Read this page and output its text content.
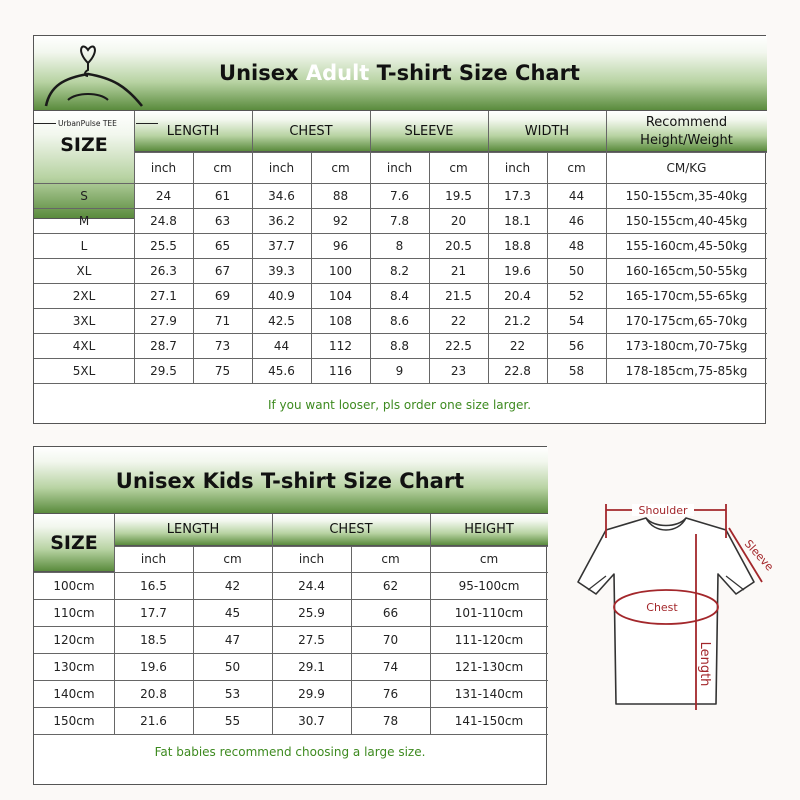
UrbanPulse TEE
Unisex Adult T-shirt Size Chart
SIZE
LENGTH	CHEST	SLEEVE	WIDTH
Recommend Height/Weight
inch	cm	inch	cm	inch	cm	inch	cm	CM/KG
S	24	61	34.6	88	7.6	19.5	17.3	44	150-155cm,35-40kg
M	24.8	63	36.2	92	7.8	20	18.1	46	150-155cm,40-45kg
L	25.5	65	37.7	96	8	20.5	18.8	48	155-160cm,45-50kg
XL	26.3	67	39.3	100	8.2	21	19.6	50	160-165cm,50-55kg
2XL	27.1	69	40.9	104	8.4	21.5	20.4	52	165-170cm,55-65kg
3XL	27.9	71	42.5	108	8.6	22	21.2	54	170-175cm,65-70kg
4XL	28.7	73	44	112	8.8	22.5	22	56	173-180cm,70-75kg
5XL	29.5	75	45.6	116	9	23	22.8	58	178-185cm,75-85kg
If you want looser, pls order one size larger.
Unisex Kids T-shirt Size Chart
SIZE
LENGTH	CHEST	HEIGHT
inch	cm	inch	cm	cm
100cm	16.5	42	24.4	62	95-100cm
110cm	17.7	45	25.9	66	101-110cm
120cm	18.5	47	27.5	70	111-120cm
130cm	19.6	50	29.1	74	121-130cm
140cm	20.8	53	29.9	76	131-140cm
150cm	21.6	55	30.7	78	141-150cm
Fat babies recommend choosing a large size.
Shoulder
Sleeve
Chest
Length
